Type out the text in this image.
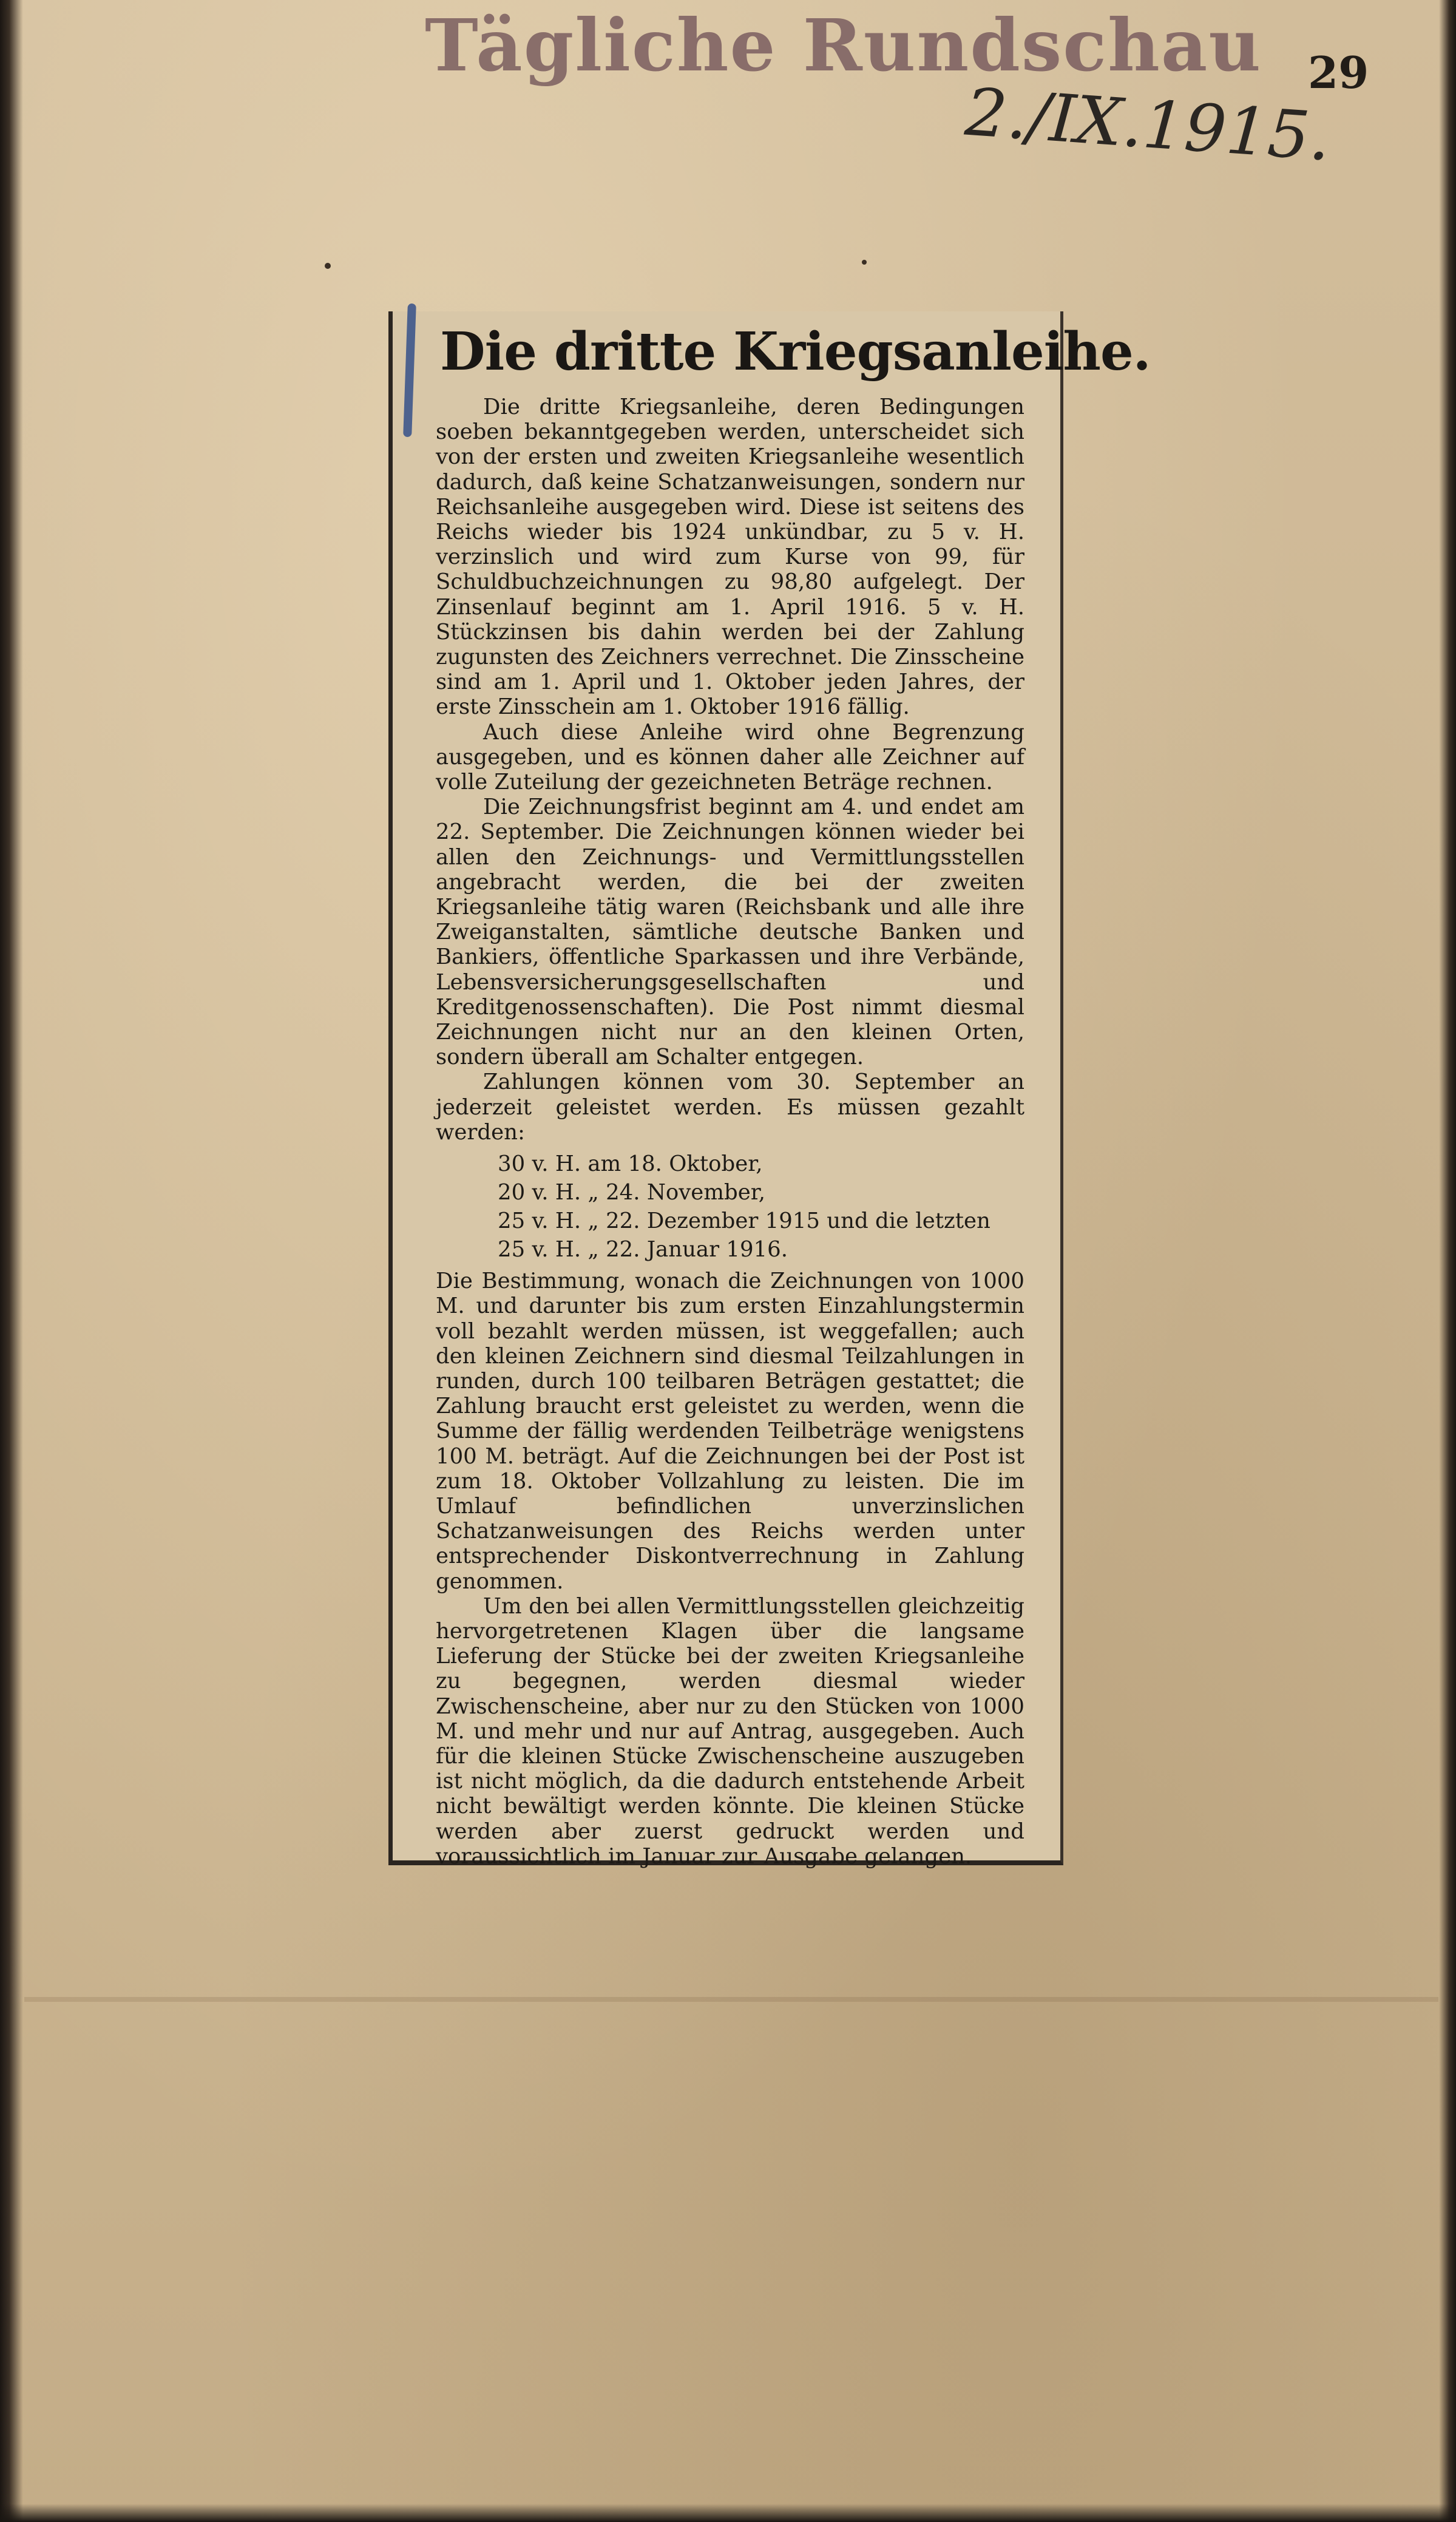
Tägliche Rundschau 29
2./IX.1915.
Die dritte Kriegsanleihe.

Die dritte Kriegsanleihe, deren Bedingungen soeben bekanntgegeben werden, unterscheidet sich von der ersten und zweiten Kriegsanleihe wesentlich dadurch, daß keine Schatzanweisungen, sondern nur Reichsanleihe ausgegeben wird. Diese ist seitens des Reichs wieder bis 1924 unkündbar, zu 5 v. H. verzinslich und wird zum Kurse von 99, für Schuldbuchzeichnungen zu 98,80 aufgelegt. Der Zinsenlauf beginnt am 1. April 1916. 5 v. H. Stückzinsen bis dahin werden bei der Zahlung zugunsten des Zeichners verrechnet. Die Zinsscheine sind am 1. April und 1. Oktober jeden Jahres, der erste Zinsschein am 1. Oktober 1916 fällig.

Auch diese Anleihe wird ohne Begrenzung ausgegeben, und es können daher alle Zeichner auf volle Zuteilung der gezeichneten Beträge rechnen.

Die Zeichnungsfrist beginnt am 4. und endet am 22. September. Die Zeichnungen können wieder bei allen den Zeichnungs- und Vermittlungsstellen angebracht werden, die bei der zweiten Kriegsanleihe tätig waren (Reichsbank und alle ihre Zweiganstalten, sämtliche deutsche Banken und Bankiers, öffentliche Sparkassen und ihre Verbände, Lebensversicherungsgesellschaften und Kreditgenossenschaften). Die Post nimmt diesmal Zeichnungen nicht nur an den kleinen Orten, sondern überall am Schalter entgegen.

Zahlungen können vom 30. September an jederzeit geleistet werden. Es müssen gezahlt werden:

30 v. H. am 18. Oktober,
20 v. H. „ 24. November,
25 v. H. „ 22. Dezember 1915 und die letzten
25 v. H. „ 22. Januar 1916.

Die Bestimmung, wonach die Zeichnungen von 1000 M. und darunter bis zum ersten Einzahlungstermin voll bezahlt werden müssen, ist weggefallen; auch den kleinen Zeichnern sind diesmal Teilzahlungen in runden, durch 100 teilbaren Beträgen gestattet; die Zahlung braucht erst geleistet zu werden, wenn die Summe der fällig werdenden Teilbeträge wenigstens 100 M. beträgt. Auf die Zeichnungen bei der Post ist zum 18. Oktober Vollzahlung zu leisten. Die im Umlauf befindlichen unverzinslichen Schatzanweisungen des Reichs werden unter entsprechender Diskontverrechnung in Zahlung genommen.

Um den bei allen Vermittlungsstellen gleichzeitig hervorgetretenen Klagen über die langsame Lieferung der Stücke bei der zweiten Kriegsanleihe zu begegnen, werden diesmal wieder Zwischenscheine, aber nur zu den Stücken von 1000 M. und mehr und nur auf Antrag, ausgegeben. Auch für die kleinen Stücke Zwischenscheine auszugeben ist nicht möglich, da die dadurch entstehende Arbeit nicht bewältigt werden könnte. Die kleinen Stücke werden aber zuerst gedruckt werden und voraussichtlich im Januar zur Ausgabe gelangen.
